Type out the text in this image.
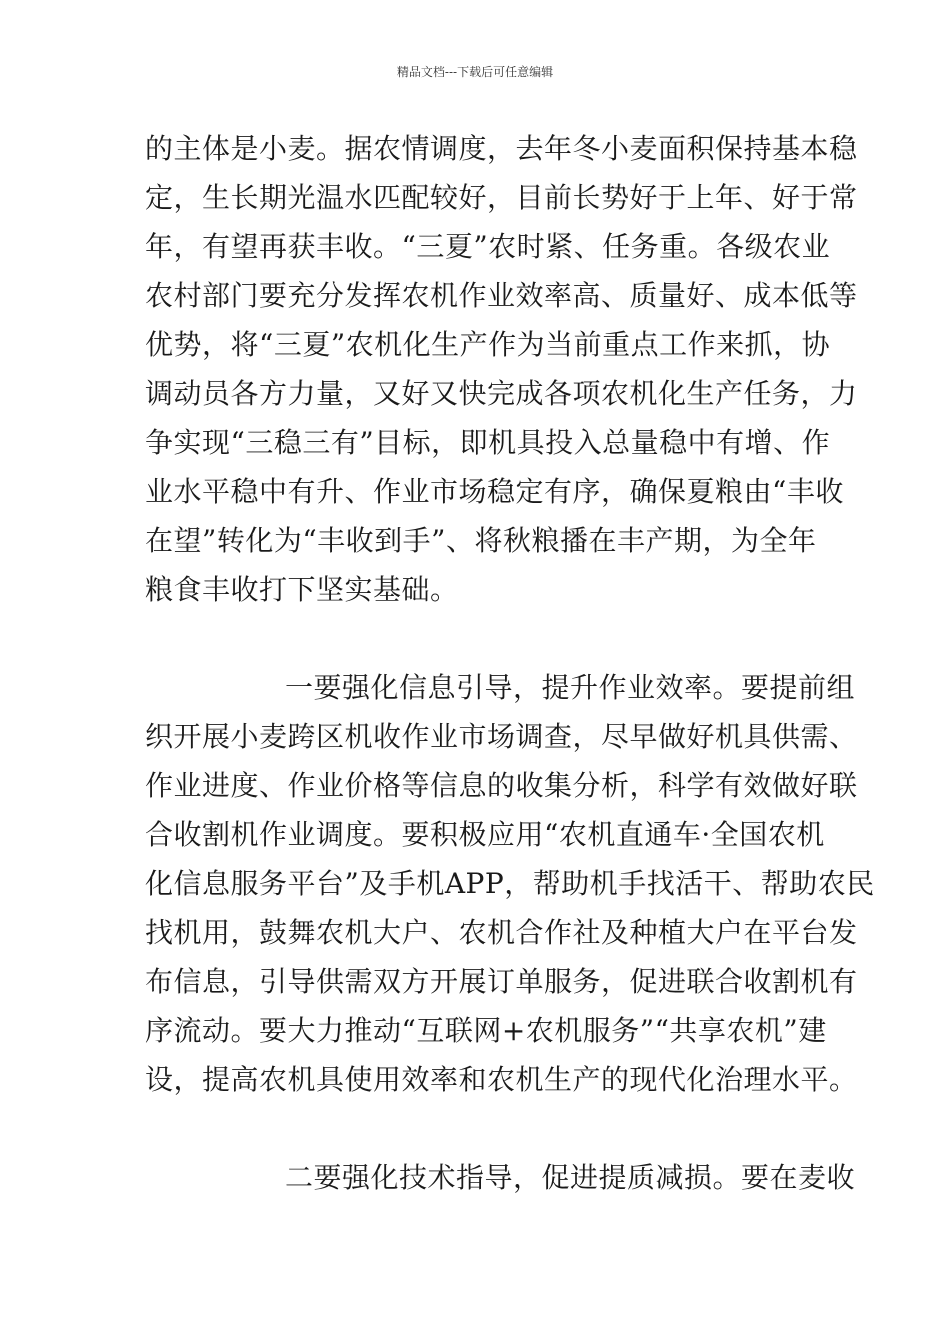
精品文档---下载后可任意编辑
的主体是小麦。据农情调度，去年冬小麦面积保持基本稳
定，生长期光温水匹配较好，目前长势好于上年、好于常
年，有望再获丰收。“三夏”农时紧、任务重。各级农业
农村部门要充分发挥农机作业效率高、质量好、成本低等
优势，将“三夏”农机化生产作为当前重点工作来抓，协
调动员各方力量，又好又快完成各项农机化生产任务，力
争实现“三稳三有”目标，即机具投入总量稳中有增、作
业水平稳中有升、作业市场稳定有序，确保夏粮由“丰收
在望”转化为“丰收到手”、将秋粮播在丰产期，为全年
粮食丰收打下坚实基础。
一要强化信息引导，提升作业效率。要提前组
织开展小麦跨区机收作业市场调查，尽早做好机具供需、
作业进度、作业价格等信息的收集分析，科学有效做好联
合收割机作业调度。要积极应用“农机直通车·全国农机
化信息服务平台”及手机APP，帮助机手找活干、帮助农民
找机用，鼓舞农机大户、农机合作社及种植大户在平台发
布信息，引导供需双方开展订单服务，促进联合收割机有
序流动。要大力推动“互联网+农机服务”“共享农机”建
设，提高农机具使用效率和农机生产的现代化治理水平。
二要强化技术指导，促进提质减损。要在麦收
